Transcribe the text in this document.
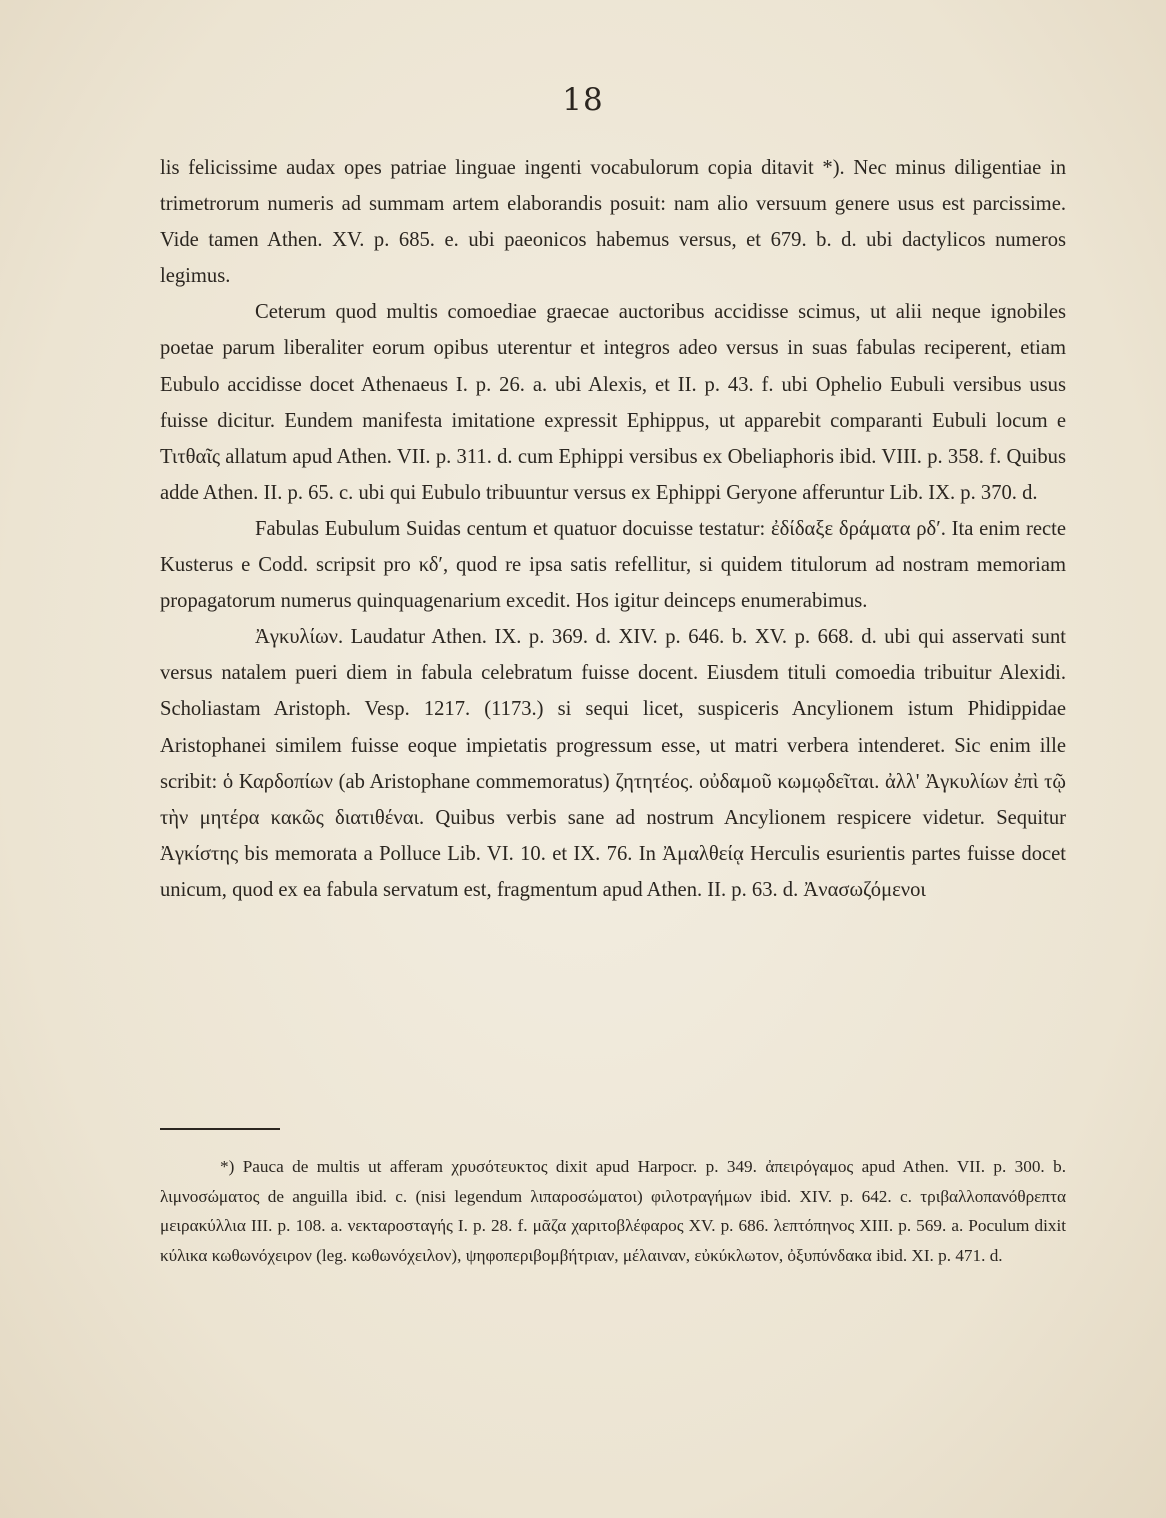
18

lis felicissime audax opes patriae linguae ingenti vocabulorum copia ditavit *). Nec minus diligentiae in trimetrorum numeris ad summam artem elaborandis posuit: nam alio versuum genere usus est parcissime. Vide tamen Athen. XV. p. 685. e. ubi paeonicos habemus versus, et 679. b. d. ubi dactylicos numeros legimus.

Ceterum quod multis comoediae graecae auctoribus accidisse scimus, ut alii neque ignobiles poetae parum liberaliter eorum opibus uterentur et integros adeo versus in suas fabulas reciperent, etiam Eubulo accidisse docet Athenaeus I. p. 26. a. ubi Alexis, et II. p. 43. f. ubi Ophelio Eubuli versibus usus fuisse dicitur. Eundem manifesta imitatione expressit Ephippus, ut apparebit comparanti Eubuli locum e Τιτθαῖς allatum apud Athen. VII. p. 311. d. cum Ephippi versibus ex Obeliaphoris ibid. VIII. p. 358. f. Quibus adde Athen. II. p. 65. c. ubi qui Eubulo tribuuntur versus ex Ephippi Geryone afferuntur Lib. IX. p. 370. d.

Fabulas Eubulum Suidas centum et quatuor docuisse testatur: ἐδίδαξε δράματα ρδʹ. Ita enim recte Kusterus e Codd. scripsit pro κδʹ, quod re ipsa satis refellitur, si quidem titulorum ad nostram memoriam propagatorum numerus quinquagenarium excedit. Hos igitur deinceps enumerabimus.

Ἀγκυλίων. Laudatur Athen. IX. p. 369. d. XIV. p. 646. b. XV. p. 668. d. ubi qui asservati sunt versus natalem pueri diem in fabula celebratum fuisse docent. Eiusdem tituli comoedia tribuitur Alexidi. Scholiastam Aristoph. Vesp. 1217. (1173.) si sequi licet, suspiceris Ancylionem istum Phidippidae Aristophanei similem fuisse eoque impietatis progressum esse, ut matri verbera intenderet. Sic enim ille scribit: ὁ Καρδοπίων (ab Aristophane commemoratus) ζητητέος. οὐδαμοῦ κωμῳδεῖται. ἀλλ' Ἀγκυλίων ἐπὶ τῷ τὴν μητέρα κακῶς διατιθέναι. Quibus verbis sane ad nostrum Ancylionem respicere videtur. Sequitur Ἀγκίστης bis memorata a Polluce Lib. VI. 10. et IX. 76. In Ἀμαλθείᾳ Herculis esurientis partes fuisse docet unicum, quod ex ea fabula servatum est, fragmentum apud Athen. II. p. 63. d. Ἀνασωζόμενοι

*) Pauca de multis ut afferam χρυσότευκτος dixit apud Harpocr. p. 349. ἀπειρόγαμος apud Athen. VII. p. 300. b. λιμνοσώματος de anguilla ibid. c. (nisi legendum λιπαροσώματοι) φιλοτραγήμων ibid. XIV. p. 642. c. τριβαλλοπανόθρεπτα μειρακύλλια III. p. 108. a. νεκταροσταγής I. p. 28. f. μᾶζα χαριτοβλέφαρος XV. p. 686. λεπτόπηνος XIII. p. 569. a. Poculum dixit κύλικα κωθωνόχειρον (leg. κωθωνόχειλον), ψηφοπεριβομβήτριαν, μέλαιναν, εὐκύκλωτον, ὀξυπύνδακα ibid. XI. p. 471. d.
